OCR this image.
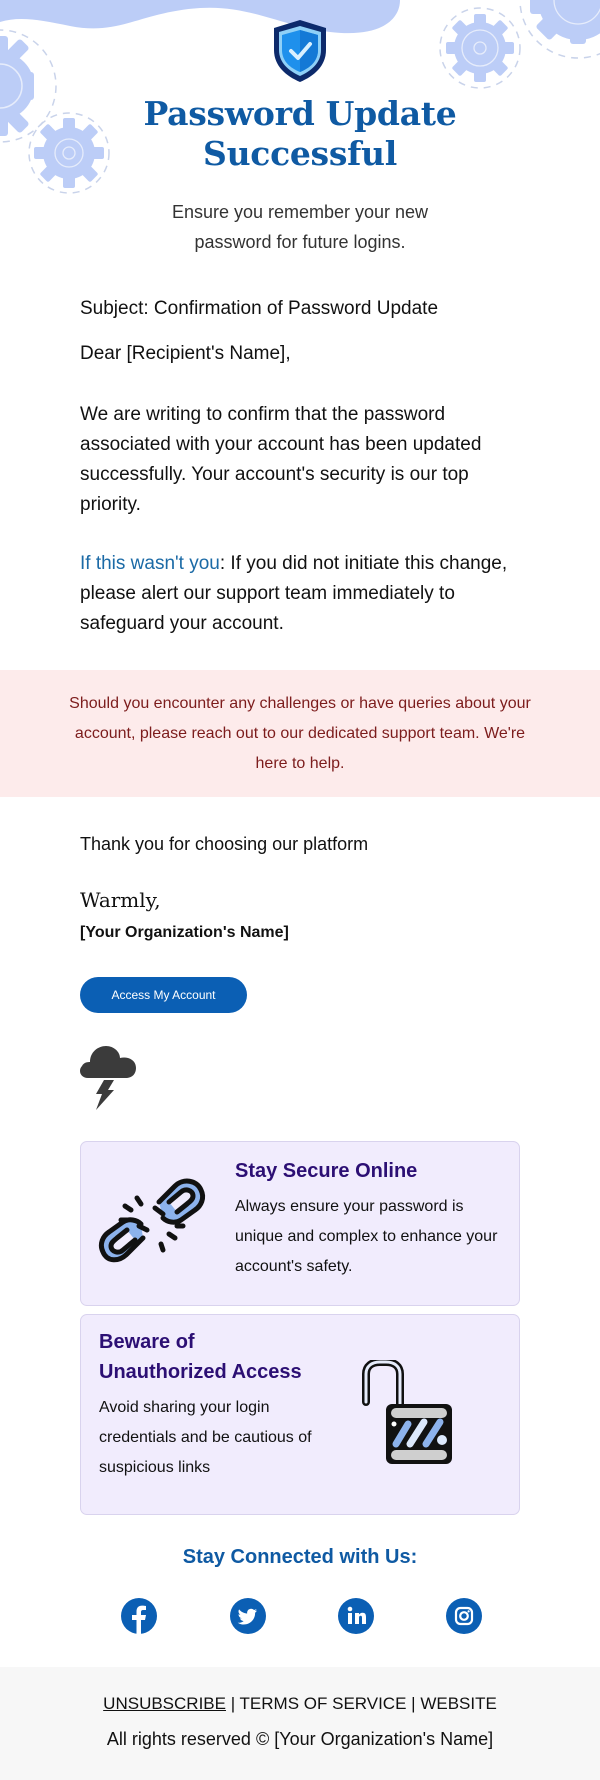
Password Update
Successful
Ensure you remember your new
password for future logins.
Subject: Confirmation of Password Update
Dear [Recipient's Name],
We are writing to confirm that the password associated with your account has been updated successfully. Your account's security is our top priority.
If this wasn't you: If you did not initiate this change, please alert our support team immediately to safeguard your account.

Should you encounter any challenges or have queries about your account, please reach out to our dedicated support team. We're here to help.

Thank you for choosing our platform
Warmly,
[Your Organization's Name]
Access My Account
Stay Secure Online

Always ensure your password is unique and complex to enhance your account's safety.

Beware of
Unauthorized Access

Avoid sharing your login credentials and be cautious of suspicious links

Stay Connected with Us:
UNSUBSCRIBE | TERMS OF SERVICE | WEBSITE
All rights reserved © [Your Organization's Name]
